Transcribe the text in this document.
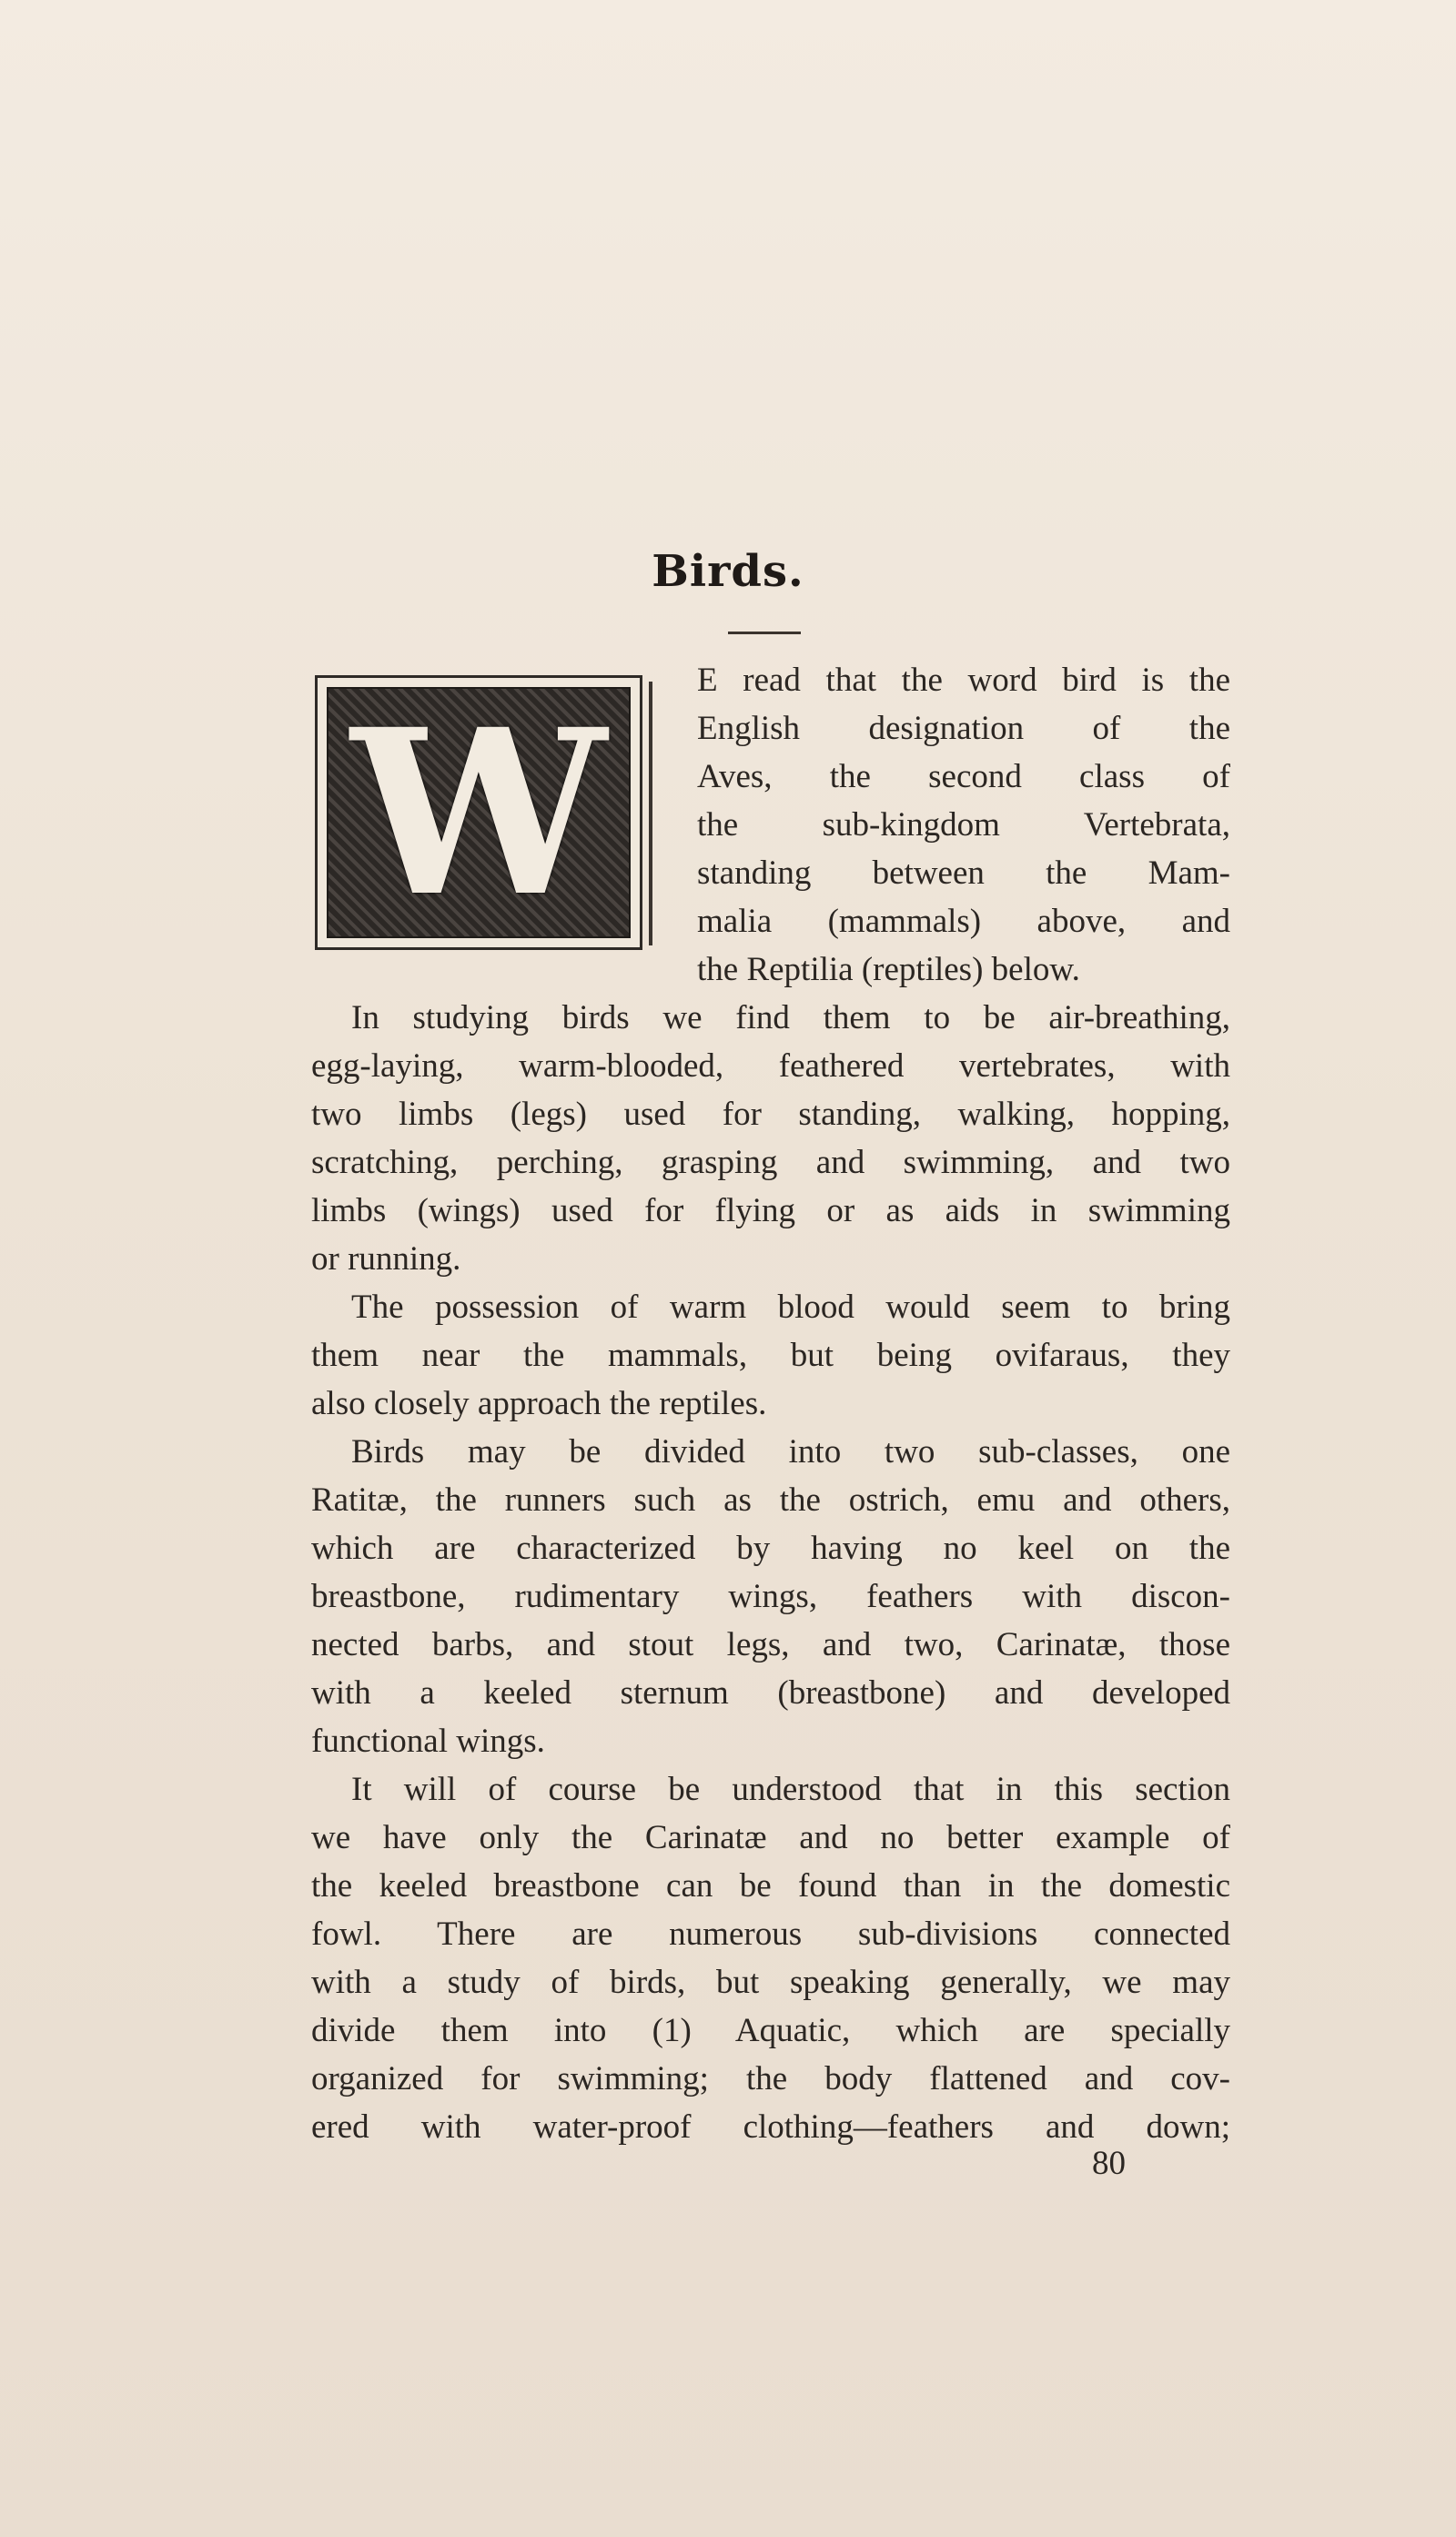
Birds.
W	E read that the word bird is the
English designation of the
Aves, the second class of
the sub-kingdom Vertebrata,
standing between the Mam-
malia (mammals) above, and
the Reptilia (reptiles) below.
In studying birds we find them to be air-breathing,
egg-laying, warm-blooded, feathered vertebrates, with
two limbs (legs) used for standing, walking, hopping,
scratching, perching, grasping and swimming, and two
limbs (wings) used for flying or as aids in swimming
or running.
The possession of warm blood would seem to bring
them near the mammals, but being ovifaraus, they
also closely approach the reptiles.
Birds may be divided into two sub-classes, one
Ratitæ, the runners such as the ostrich, emu and others,
which are characterized by having no keel on the
breastbone, rudimentary wings, feathers with discon-
nected barbs, and stout legs, and two, Carinatæ, those
with a keeled sternum (breastbone) and developed
functional wings.
It will of course be understood that in this section
we have only the Carinatæ and no better example of
the keeled breastbone can be found than in the domestic
fowl. There are numerous sub-divisions connected
with a study of birds, but speaking generally, we may
divide them into (1) Aquatic, which are specially
organized for swimming; the body flattened and cov-
ered with water-proof clothing—feathers and down;
80
